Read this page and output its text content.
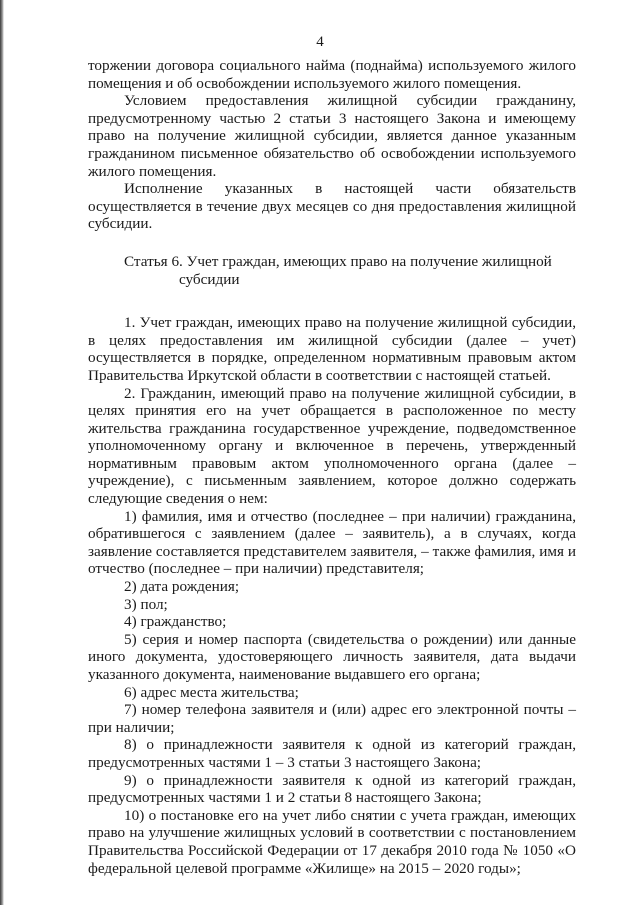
4

торжении договора социального найма (поднайма) используемого жилого помещения и об освобождении используемого жилого помещения.

Условием предоставления жилищной субсидии гражданину, предусмотренному частью 2 статьи 3 настоящего Закона и имеющему право на получение жилищной субсидии, является данное указанным гражданином письменное обязательство об освобождении используемого жилого помещения.

Исполнение указанных в настоящей части обязательств осуществляется в течение двух месяцев со дня предоставления жилищной субсидии.

Статья 6. Учет граждан, имеющих право на получение жилищной
субсидии

1. Учет граждан, имеющих право на получение жилищной субсидии, в целях предоставления им жилищной субсидии (далее – учет) осуществляется в порядке, определенном нормативным правовым актом Правительства Иркутской области в соответствии с настоящей статьей.

2. Гражданин, имеющий право на получение жилищной субсидии, в целях принятия его на учет обращается в расположенное по месту жительства гражданина государственное учреждение, подведомственное уполномоченному органу и включенное в перечень, утвержденный нормативным правовым актом уполномоченного органа (далее – учреждение), с письменным заявлением, которое должно содержать следующие сведения о нем:

1) фамилия, имя и отчество (последнее – при наличии) гражданина, обратившегося с заявлением (далее – заявитель), а в случаях, когда заявление составляется представителем заявителя, – также фамилия, имя и отчество (последнее – при наличии) представителя;

2) дата рождения;

3) пол;

4) гражданство;

5) серия и номер паспорта (свидетельства о рождении) или данные иного документа, удостоверяющего личность заявителя, дата выдачи указанного документа, наименование выдавшего его органа;

6) адрес места жительства;

7) номер телефона заявителя и (или) адрес его электронной почты – при наличии;

8) о принадлежности заявителя к одной из категорий граждан, предусмотренных частями 1 – 3 статьи 3 настоящего Закона;

9) о принадлежности заявителя к одной из категорий граждан, предусмотренных частями 1 и 2 статьи 8 настоящего Закона;

10) о постановке его на учет либо снятии с учета граждан, имеющих право на улучшение жилищных условий в соответствии с постановлением Правительства Российской Федерации от 17 декабря 2010 года № 1050 «О федеральной целевой программе «Жилище» на 2015 – 2020 годы»;
